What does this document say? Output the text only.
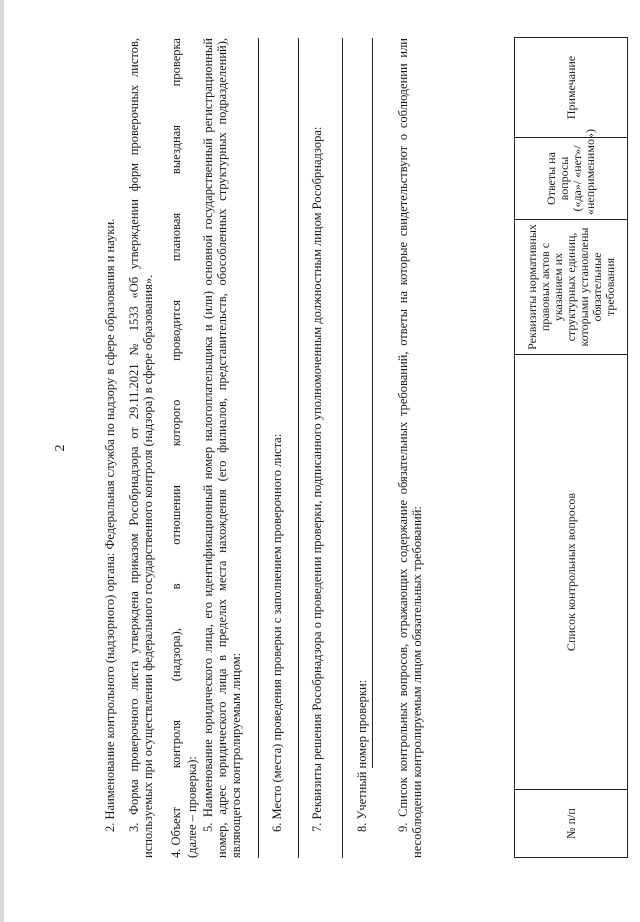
2	2. Наименование контрольного (надзорного) органа: Федеральная служба по надзору в сфере образования и науки. 3. Форма проверочного листа утверждена приказом Рособрнадзора от 29.11.2021 № 1533 «Об утверждении форм проверочных листов, используемых при осуществлении федерального государственного контроля (надзора) в сфере образования». 4. Объект
контроля
(надзора),
в
отношении
которого
проводится
плановая
выездная
проверка
(далее – проверка): 5. Наименование юридического лица, его идентификационный номер налогоплательщика и (или) основной государственный регистрационный номер, адрес юридического лица в пределах места нахождения (его филиалов, представительств, обособленных структурных подразделений), являющегося контролируемым лицом: 6. Место (места) проведения проверки с заполнением проверочного листа: 7. Реквизиты решения Рособрнадзора о проведении проверки, подписанного уполномоченным должностным лицом Рособрнадзора: 8. Учетный номер проверки: 9. Список контрольных вопросов, отражающих содержание обязательных требований, ответы на которые свидетельствуют о соблюдении или несоблюдении контролируемым лицом обязательных требований:	№ п/п	Список контрольных вопросов	Реквизиты нормативных правовых актов с указанием их структурных единиц, которыми установлены обязательные требования	Ответы на вопросы («да»/ «нет»/ «неприменимо»)	Примечание
